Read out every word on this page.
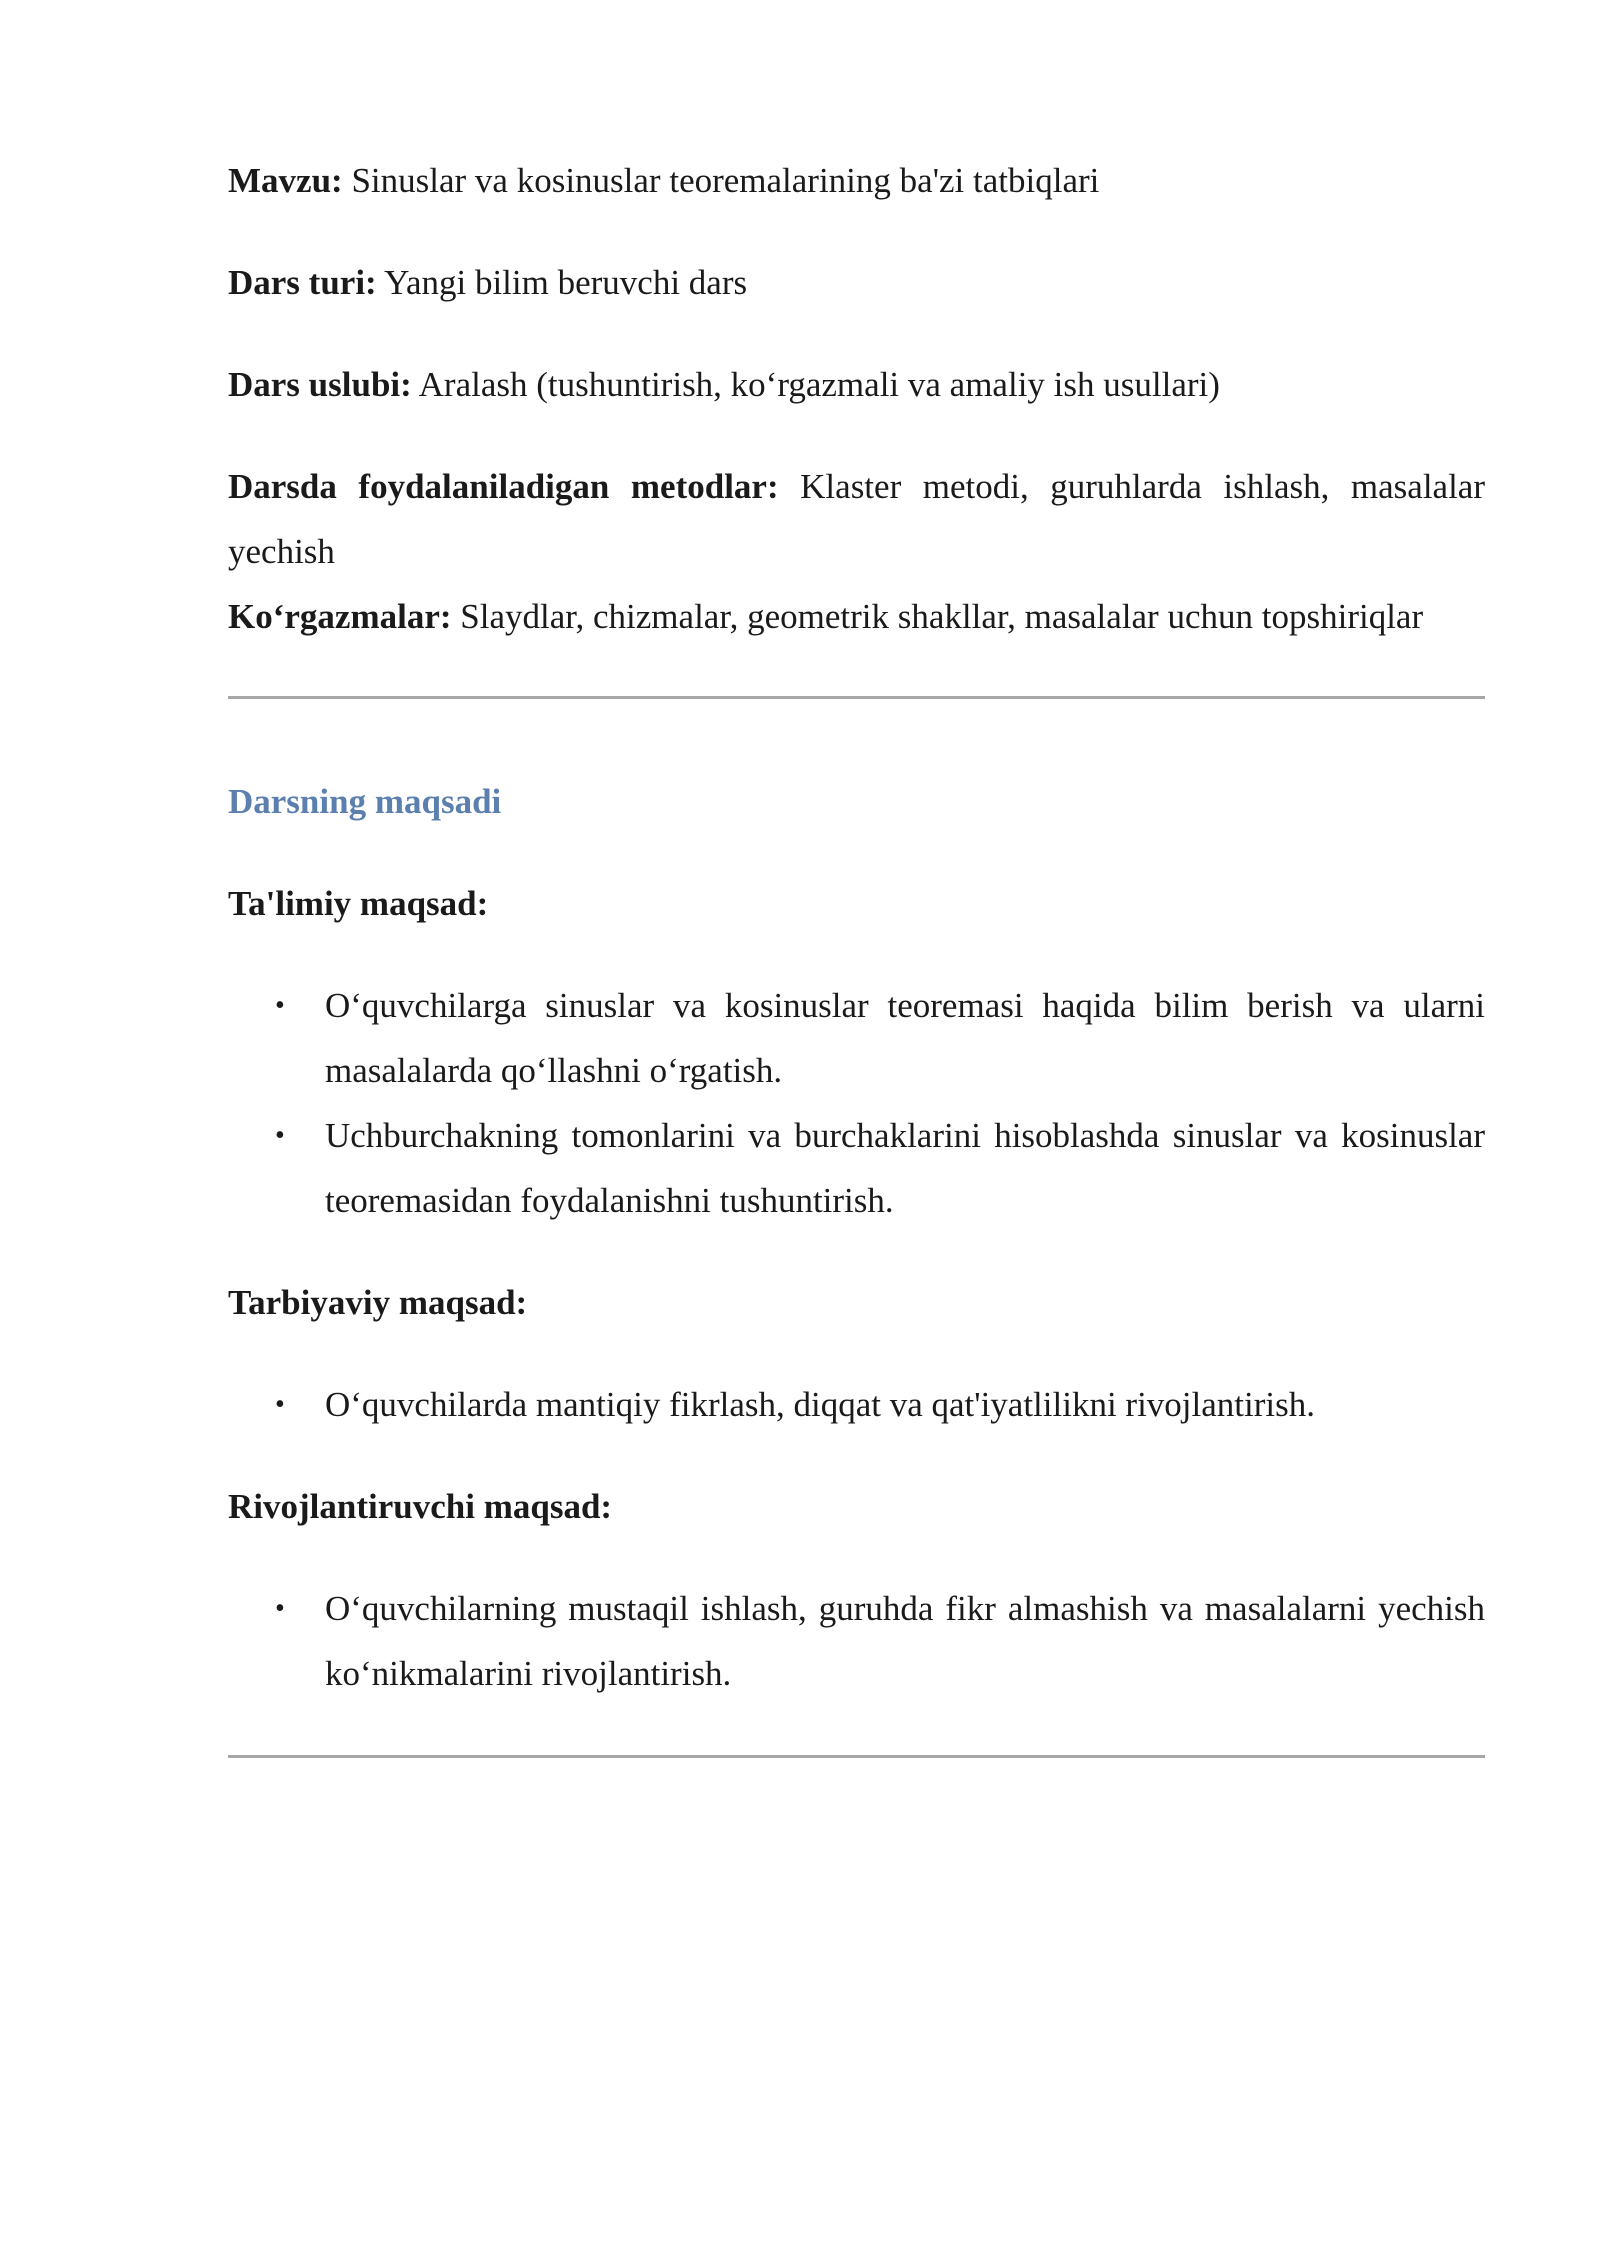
Mavzu: Sinuslar va kosinuslar teoremalarining ba'zi tatbiqlari

Dars turi: Yangi bilim beruvchi dars

Dars uslubi: Aralash (tushuntirish, ko‘rgazmali va amaliy ish usullari)

Darsda foydalaniladigan metodlar: Klaster metodi, guruhlarda ishlash, masalalar yechish

Ko‘rgazmalar: Slaydlar, chizmalar, geometrik shakllar, masalalar uchun topshiriqlar

Darsning maqsadi
Ta'limiy maqsad:
• O‘quvchilarga sinuslar va kosinuslar teoremasi haqida bilim berish va ularni masalalarda qo‘llashni o‘rgatish.
• Uchburchakning tomonlarini va burchaklarini hisoblashda sinuslar va kosinuslar teoremasidan foydalanishni tushuntirish.
Tarbiyaviy maqsad:
• O‘quvchilarda mantiqiy fikrlash, diqqat va qat'iyatlilikni rivojlantirish.
Rivojlantiruvchi maqsad:
• O‘quvchilarning mustaqil ishlash, guruhda fikr almashish va masalalarni yechish ko‘nikmalarini rivojlantirish.
